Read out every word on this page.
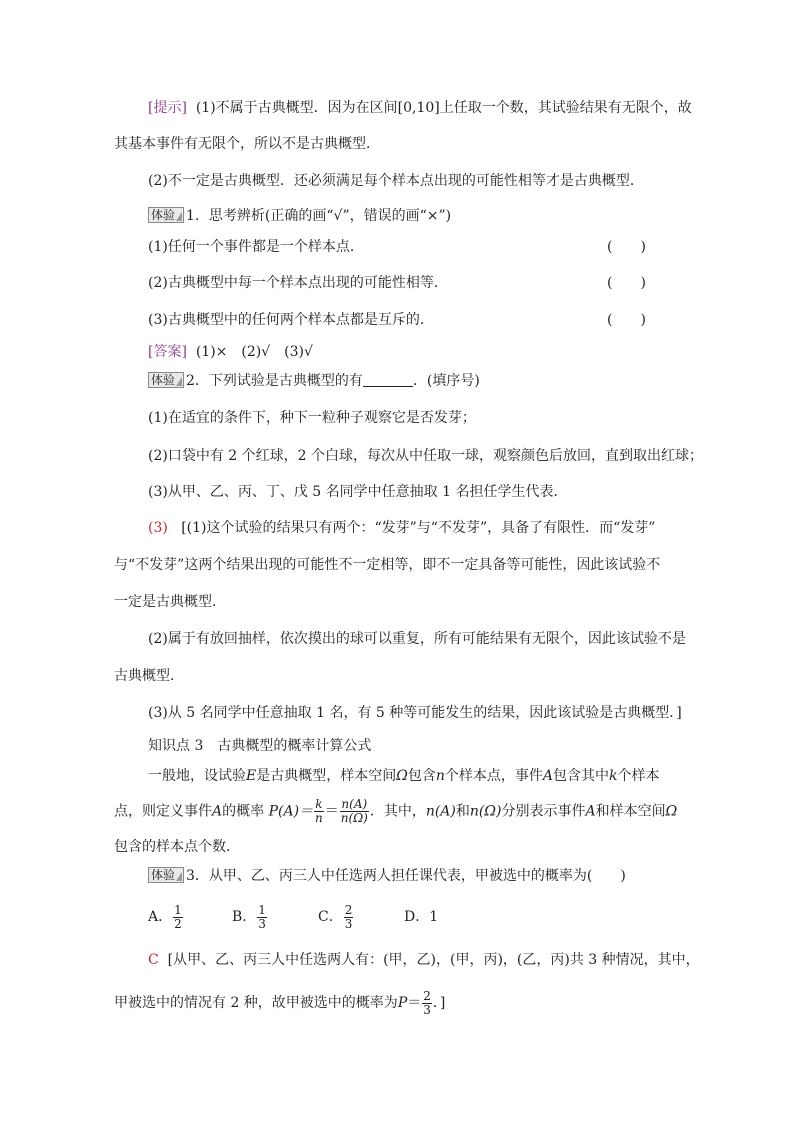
[提示] (1)不属于古典概型．因为在区间[0,10]上任取一个数，其试验结果有无限个，故
其基本事件有无限个，所以不是古典概型．
(2)不一定是古典概型．还必须满足每个样本点出现的可能性相等才是古典概型．
体验 1．思考辨析(正确的画“√”，错误的画“×”)
(1)任何一个事件都是一个样本点．	(　　)
(2)古典概型中每一个样本点出现的可能性相等．	(　　)
(3)古典概型中的任何两个样本点都是互斥的．	(　　)
[答案] (1)×　(2)√　(3)√
体验 2．下列试验是古典概型的有	．(填序号)
(1)在适宜的条件下，种下一粒种子观察它是否发芽；
(2)口袋中有 2 个红球，2 个白球，每次从中任取一球，观察颜色后放回，直到取出红球；
(3)从甲、乙、丙、丁、戊 5 名同学中任意抽取 1 名担任学生代表．
(3) [(1)这个试验的结果只有两个：“发芽”与“不发芽”，具备了有限性．而“发芽”
与“不发芽”这两个结果出现的可能性不一定相等，即不一定具备等可能性，因此该试验不
一定是古典概型．
(2)属于有放回抽样，依次摸出的球可以重复，所有可能结果有无限个，因此该试验不是
古典概型．
(3)从 5 名同学中任意抽取 1 名，有 5 种等可能发生的结果，因此该试验是古典概型．]
知识点 3　古典概型的概率计算公式
一般地，设试验E是古典概型，样本空间Ω包含n个样本点，事件A包含其中k个样本
点，则定义事件A的概率 $P(A)= \frac{k}{n} = \frac{n(A)}{n(\Omega)}$ ．其中，n(A)和n(Ω)分别表示事件A和样本空间Ω
包含的样本点个数．
体验 3．从甲、乙、丙三人中任选两人担任课代表，甲被选中的概率为(　　)
A． $\frac{1}{2}$	B． $\frac{1}{3}$	C． $\frac{2}{3}$	D．1
C [从甲、乙、丙三人中任选两人有：(甲，乙)，(甲，丙)，(乙，丙)共 3 种情况，其中，
甲被选中的情况有 2 种，故甲被选中的概率为$P= \frac{2}{3}$ ．]
